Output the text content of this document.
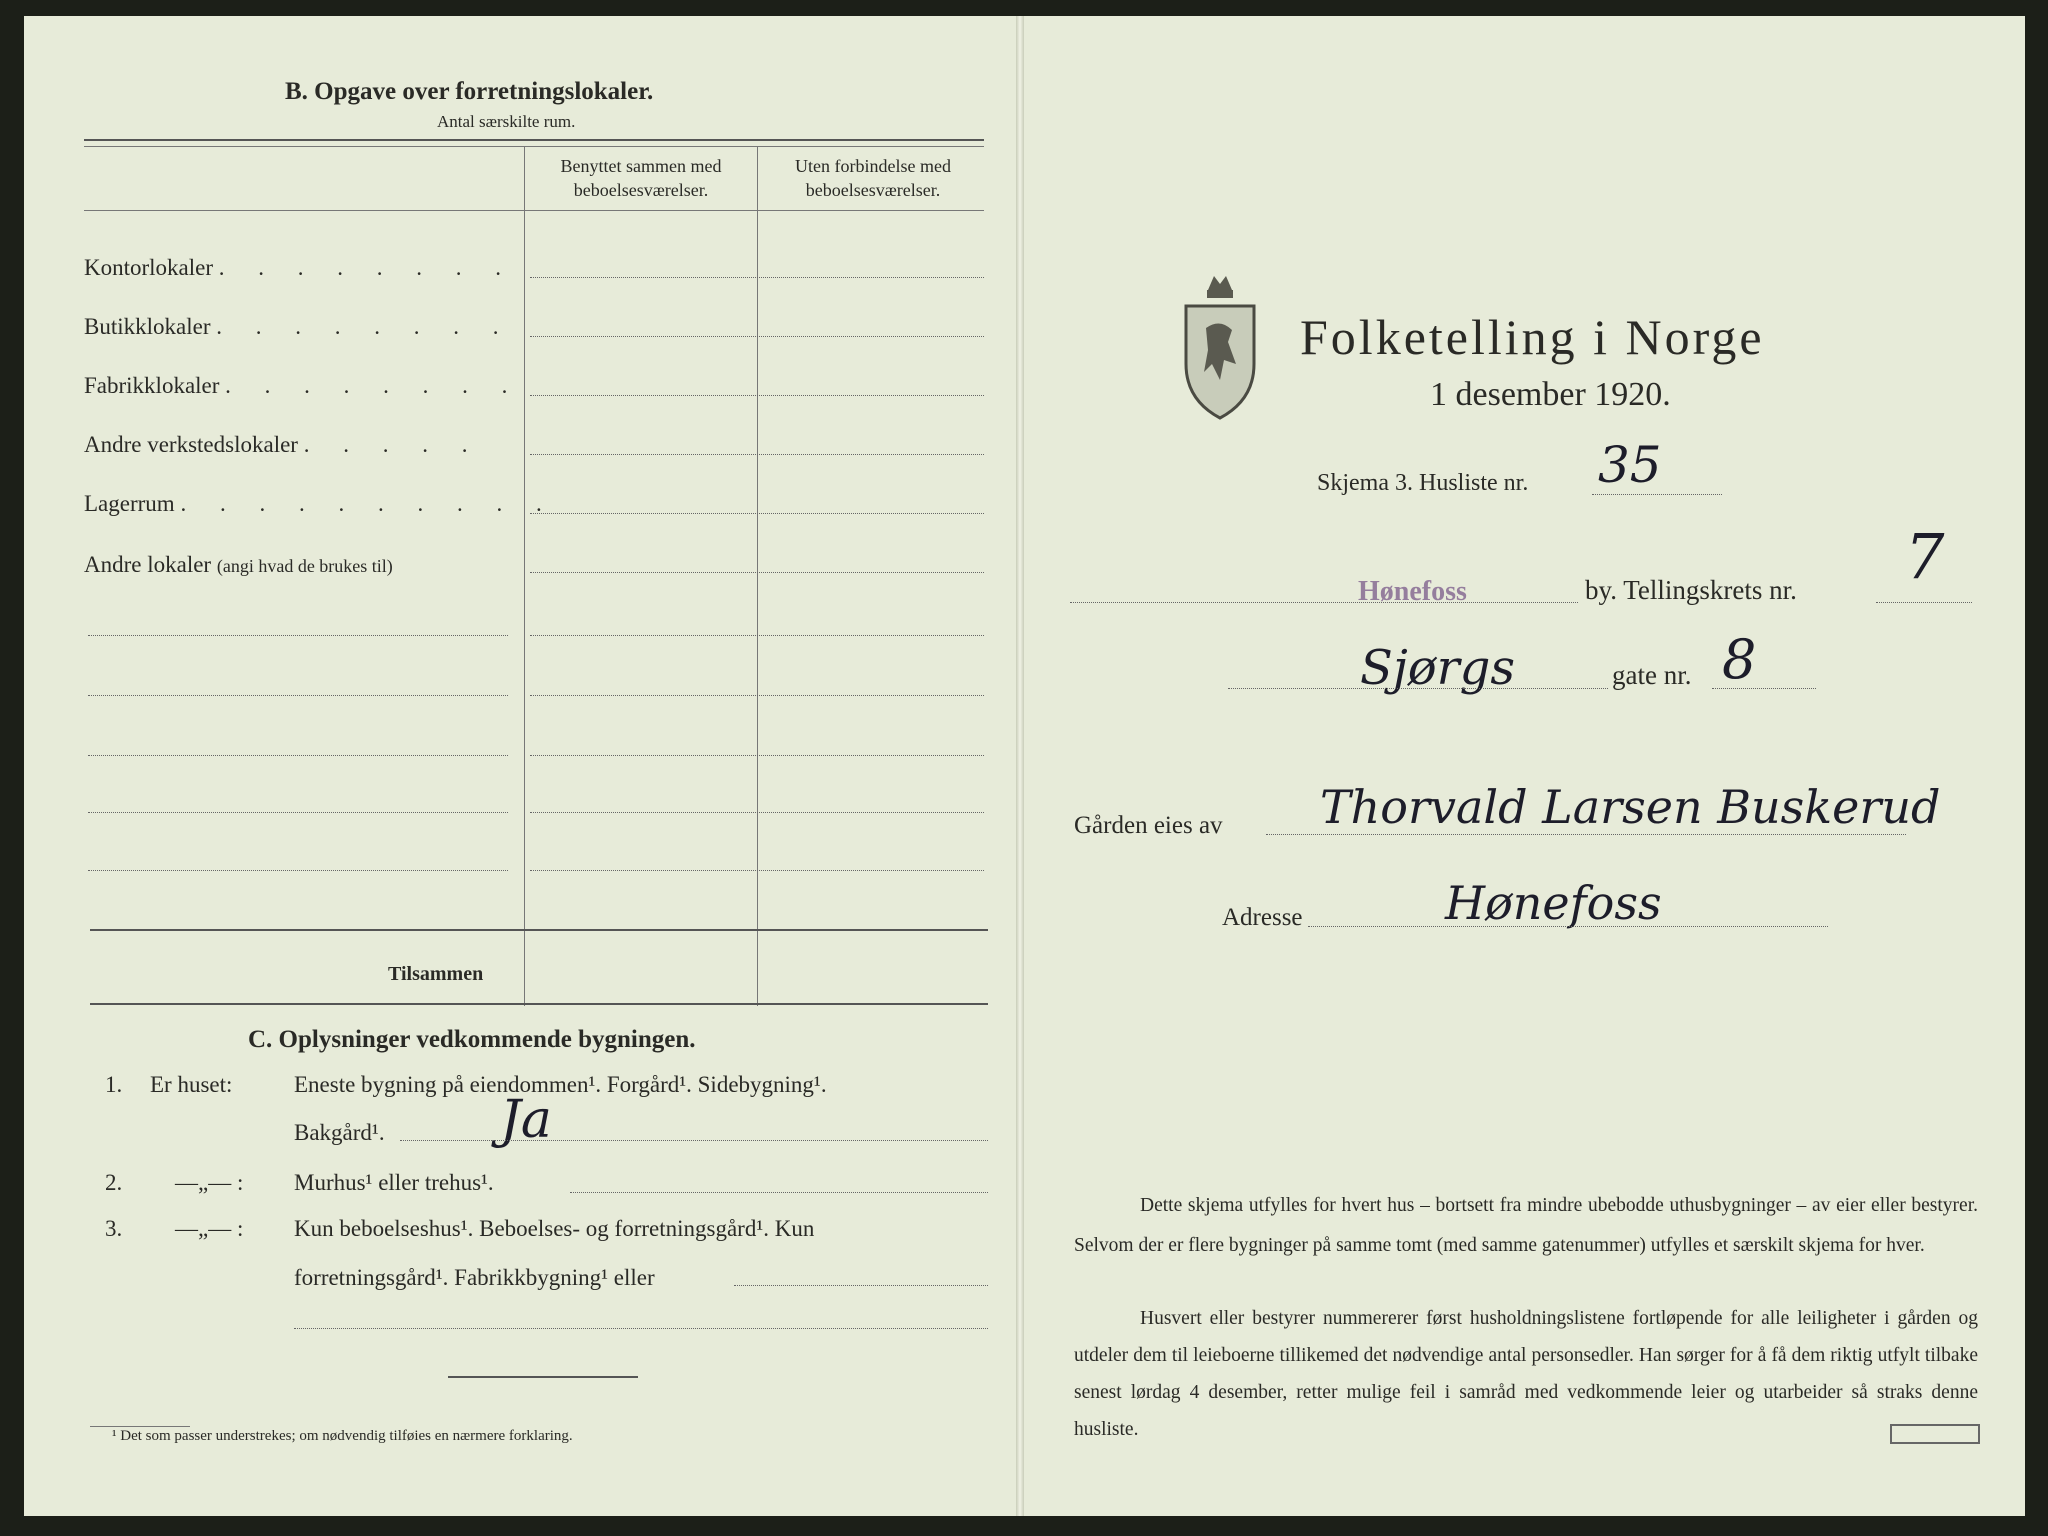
B. Opgave over forretningslokaler.
Antal særskilte rum.
Benyttet sammen med beboelsesværelser.
Uten forbindelse med beboelsesværelser.
Kontorlokaler . . . . . . . .
Butikklokaler . . . . . . . .
Fabrikklokaler . . . . . . . .
Andre verkstedslokaler . . . . .
Lagerrum . . . . . . . . . .
Andre lokaler (angi hvad de brukes til)
Tilsammen
C. Oplysninger vedkommende bygningen.
1. Er huset:	Eneste bygning på eiendommen¹. Forgård¹. Sidebygning¹.
Bakgård¹. Ja
2. —„— : Murhus¹ eller trehus¹.
3. —„— : Kun beboelseshus¹. Beboelses- og forretningsgård¹. Kun
forretningsgård¹. Fabrikkbygning¹ eller
¹ Det som passer understrekes; om nødvendig tilføies en nærmere forklaring.
Folketelling i Norge
1 desember 1920.
Skjema 3. Husliste nr. 35
Hønefoss	by. Tellingskrets nr. 7
Sjørgs	gate nr. 8
Gården eies av Thorvald Larsen Buskerud
Adresse	Hønefoss
Dette skjema utfylles for hvert hus – bortsett fra mindre ubebodde uthusbygninger – av eier eller bestyrer. Selvom der er flere bygninger på samme tomt (med samme gatenummer) utfylles et særskilt skjema for hver.
Husvert eller bestyrer nummererer først husholdningslistene fortløpende for alle leiligheter i gården og utdeler dem til leieboerne tillikemed det nødvendige antal personsedler. Han sørger for å få dem riktig utfylt tilbake senest lørdag 4 desember, retter mulige feil i samråd med vedkommende leier og utarbeider så straks denne husliste.
